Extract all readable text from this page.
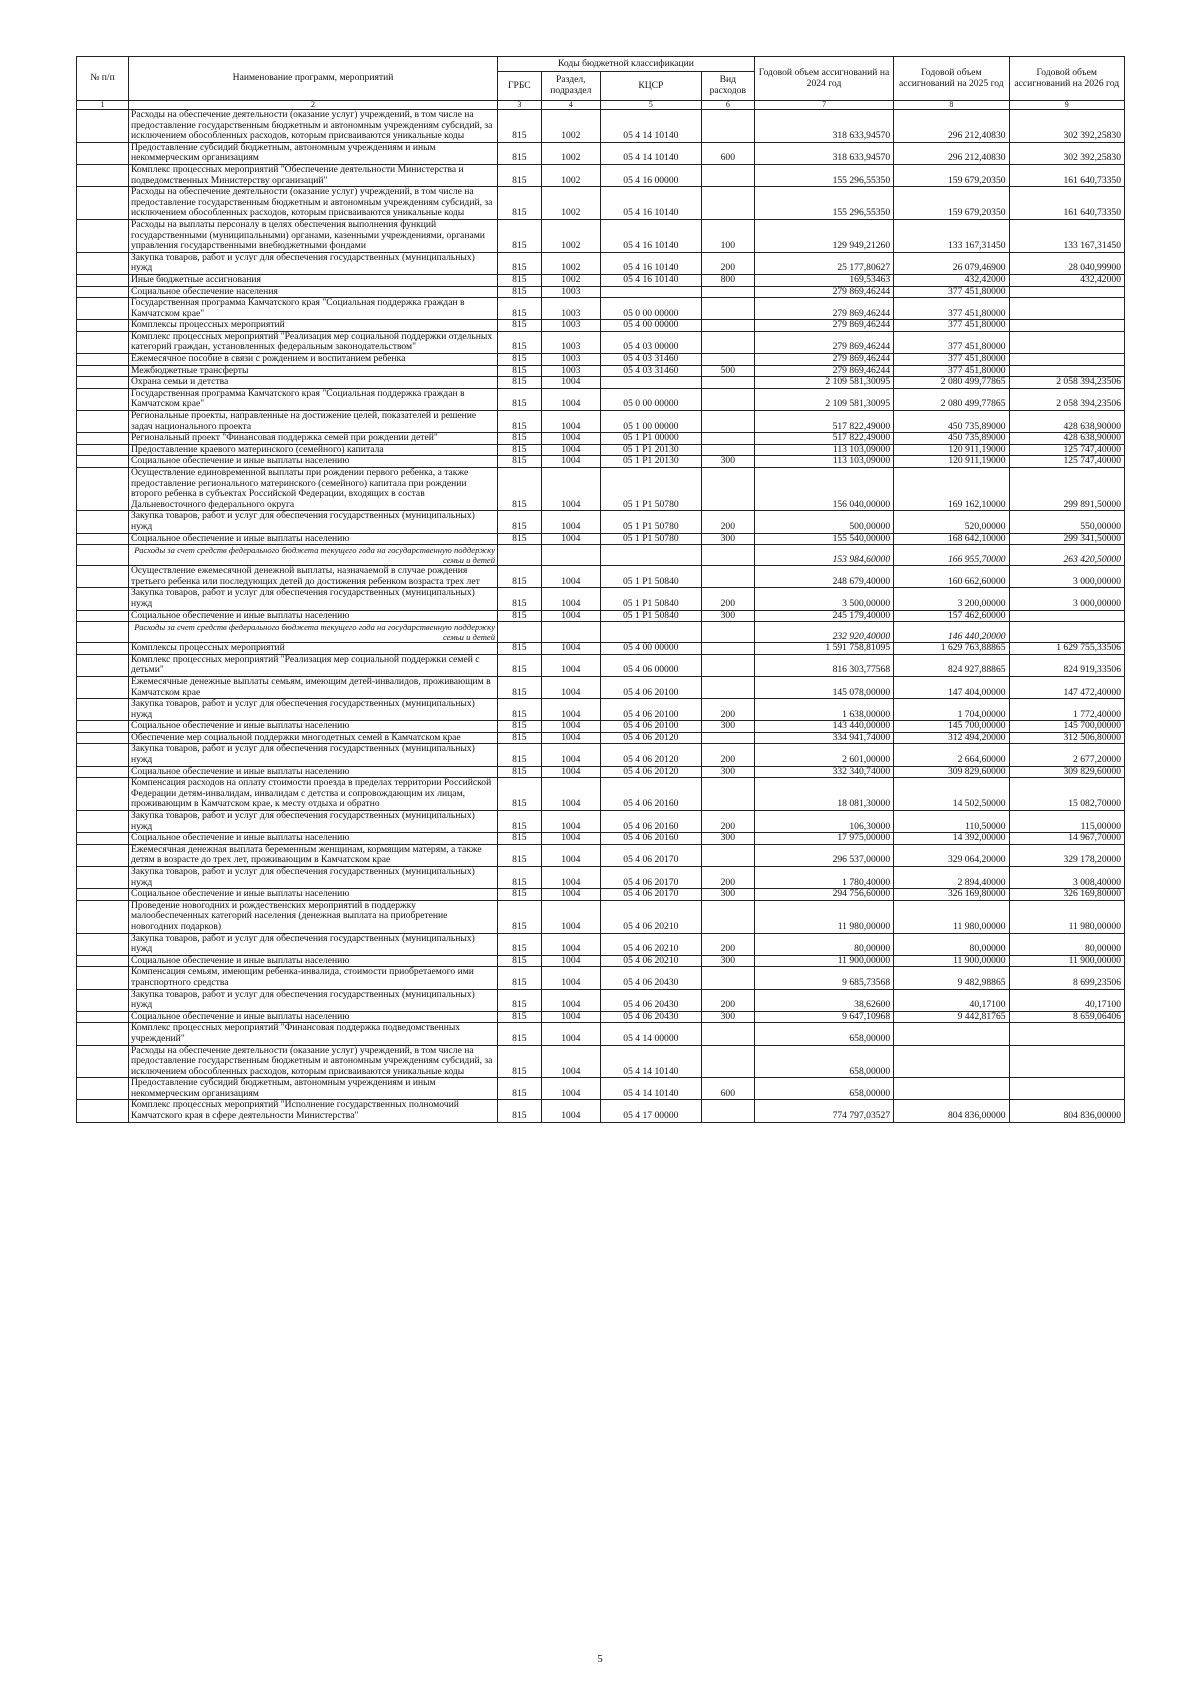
№ п/п	Наименование программ, мероприятий	Коды бюджетной классификации				Годовой объем ассигнований на 2024 год	Годовой объем ассигнований на 2025 год	Годовой объем ассигнований на 2026 год
		ГРБС	Раздел, подраздел	КЦСР	Вид расходов			
1	2	3	4	5	6	7	8	9
	Расходы на обеспечение деятельности (оказание услуг) учреждений, в том числе на предоставление государственным бюджетным и автономным учреждениям субсидий, за исключением обособленных расходов, которым присваиваются уникальные коды	815	1002	05 4 14 10140		318 633,94570	296 212,40830	302 392,25830
	Предоставление субсидий бюджетным, автономным учреждениям и иным некоммерческим организациям	815	1002	05 4 14 10140	600	318 633,94570	296 212,40830	302 392,25830
	Комплекс процессных мероприятий "Обеспечение деятельности Министерства и подведомственных Министерству организаций"	815	1002	05 4 16 00000		155 296,55350	159 679,20350	161 640,73350
	Расходы на обеспечение деятельности (оказание услуг) учреждений, в том числе на предоставление государственным бюджетным и автономным учреждениям субсидий, за исключением обособленных расходов, которым присваиваются уникальные коды	815	1002	05 4 16 10140		155 296,55350	159 679,20350	161 640,73350
	Расходы на выплаты персоналу в целях обеспечения выполнения функций государственными (муниципальными) органами, казенными учреждениями, органами управления государственными внебюджетными фондами	815	1002	05 4 16 10140	100	129 949,21260	133 167,31450	133 167,31450
	Закупка товаров, работ и услуг для обеспечения государственных (муниципальных) нужд	815	1002	05 4 16 10140	200	25 177,80627	26 079,46900	28 040,99900
	Иные бюджетные ассигнования	815	1002	05 4 16 10140	800	169,53463	432,42000	432,42000
	Социальное обеспечение населения	815	1003			279 869,46244	377 451,80000	
	Государственная программа Камчатского края "Социальная поддержка граждан в Камчатском крае"	815	1003	05 0 00 00000		279 869,46244	377 451,80000	
	Комплексы процессных мероприятий	815	1003	05 4 00 00000		279 869,46244	377 451,80000	
	Комплекс процессных мероприятий "Реализация мер социальной поддержки отдельных категорий граждан, установленных федеральным законодательством"	815	1003	05 4 03 00000		279 869,46244	377 451,80000	
	Ежемесячное пособие в связи с рождением и воспитанием ребенка	815	1003	05 4 03 31460		279 869,46244	377 451,80000	
	Межбюджетные трансферты	815	1003	05 4 03 31460	500	279 869,46244	377 451,80000	
	Охрана семьи и детства	815	1004			2 109 581,30095	2 080 499,77865	2 058 394,23506
	Государственная программа Камчатского края "Социальная поддержка граждан в Камчатском крае"	815	1004	05 0 00 00000		2 109 581,30095	2 080 499,77865	2 058 394,23506
	Региональные проекты, направленные на достижение целей, показателей и решение задач национального проекта	815	1004	05 1 00 00000		517 822,49000	450 735,89000	428 638,90000
	Региональный проект "Финансовая поддержка семей при рождении детей"	815	1004	05 1 P1 00000		517 822,49000	450 735,89000	428 638,90000
	Предоставление краевого материнского (семейного) капитала	815	1004	05 1 P1 20130		113 103,09000	120 911,19000	125 747,40000
	Социальное обеспечение и иные выплаты населению	815	1004	05 1 P1 20130	300	113 103,09000	120 911,19000	125 747,40000
	Осуществление единовременной выплаты при рождении первого ребенка, а также предоставление регионального материнского (семейного) капитала при рождении второго ребенка в субъектах Российской Федерации, входящих в состав Дальневосточного федерального округа	815	1004	05 1 P1 50780		156 040,00000	169 162,10000	299 891,50000
	Закупка товаров, работ и услуг для обеспечения государственных (муниципальных) нужд	815	1004	05 1 P1 50780	200	500,00000	520,00000	550,00000
	Социальное обеспечение и иные выплаты населению	815	1004	05 1 P1 50780	300	155 540,00000	168 642,10000	299 341,50000
	Расходы за счет средств федерального бюджета текущего года на государственную поддержку семьи и детей					153 984,60000	166 955,70000	263 420,50000
	Осуществление ежемесячной денежной выплаты, назначаемой в случае рождения третьего ребенка или последующих детей до достижения ребенком возраста трех лет	815	1004	05 1 P1 50840		248 679,40000	160 662,60000	3 000,00000
	Закупка товаров, работ и услуг для обеспечения государственных (муниципальных) нужд	815	1004	05 1 P1 50840	200	3 500,00000	3 200,00000	3 000,00000
	Социальное обеспечение и иные выплаты населению	815	1004	05 1 P1 50840	300	245 179,40000	157 462,60000	
	Расходы за счет средств федерального бюджета текущего года на государственную поддержку семьи и детей					232 920,40000	146 440,20000	
	Комплексы процессных мероприятий	815	1004	05 4 00 00000		1 591 758,81095	1 629 763,88865	1 629 755,33506
	Комплекс процессных мероприятий "Реализация мер социальной поддержки семей с детьми"	815	1004	05 4 06 00000		816 303,77568	824 927,88865	824 919,33506
	Ежемесячные денежные выплаты семьям, имеющим детей-инвалидов, проживающим в Камчатском крае	815	1004	05 4 06 20100		145 078,00000	147 404,00000	147 472,40000
	Закупка товаров, работ и услуг для обеспечения государственных (муниципальных) нужд	815	1004	05 4 06 20100	200	1 638,00000	1 704,00000	1 772,40000
	Социальное обеспечение и иные выплаты населению	815	1004	05 4 06 20100	300	143 440,00000	145 700,00000	145 700,00000
	Обеспечение мер социальной поддержки многодетных семей в Камчатском крае	815	1004	05 4 06 20120		334 941,74000	312 494,20000	312 506,80000
	Закупка товаров, работ и услуг для обеспечения государственных (муниципальных) нужд	815	1004	05 4 06 20120	200	2 601,00000	2 664,60000	2 677,20000
	Социальное обеспечение и иные выплаты населению	815	1004	05 4 06 20120	300	332 340,74000	309 829,60000	309 829,60000
	Компенсация расходов на оплату стоимости проезда в пределах территории Российской Федерации детям-инвалидам, инвалидам с детства и сопровождающим их лицам, проживающим в Камчатском крае, к месту отдыха и обратно	815	1004	05 4 06 20160		18 081,30000	14 502,50000	15 082,70000
	Закупка товаров, работ и услуг для обеспечения государственных (муниципальных) нужд	815	1004	05 4 06 20160	200	106,30000	110,50000	115,00000
	Социальное обеспечение и иные выплаты населению	815	1004	05 4 06 20160	300	17 975,00000	14 392,00000	14 967,70000
	Ежемесячная денежная выплата беременным женщинам, кормящим матерям, а также детям в возрасте до трех лет, проживающим в Камчатском крае	815	1004	05 4 06 20170		296 537,00000	329 064,20000	329 178,20000
	Закупка товаров, работ и услуг для обеспечения государственных (муниципальных) нужд	815	1004	05 4 06 20170	200	1 780,40000	2 894,40000	3 008,40000
	Социальное обеспечение и иные выплаты населению	815	1004	05 4 06 20170	300	294 756,60000	326 169,80000	326 169,80000
	Проведение новогодних и рождественских мероприятий в поддержку малообеспеченных категорий населения (денежная выплата на приобретение новогодних подарков)	815	1004	05 4 06 20210		11 980,00000	11 980,00000	11 980,00000
	Закупка товаров, работ и услуг для обеспечения государственных (муниципальных) нужд	815	1004	05 4 06 20210	200	80,00000	80,00000	80,00000
	Социальное обеспечение и иные выплаты населению	815	1004	05 4 06 20210	300	11 900,00000	11 900,00000	11 900,00000
	Компенсация семьям, имеющим ребенка-инвалида, стоимости приобретаемого ими транспортного средства	815	1004	05 4 06 20430		9 685,73568	9 482,98865	8 699,23506
	Закупка товаров, работ и услуг для обеспечения государственных (муниципальных) нужд	815	1004	05 4 06 20430	200	38,62600	40,17100	40,17100
	Социальное обеспечение и иные выплаты населению	815	1004	05 4 06 20430	300	9 647,10968	9 442,81765	8 659,06406
	Комплекс процессных мероприятий "Финансовая поддержка подведомственных учреждений"	815	1004	05 4 14 00000		658,00000		
	Расходы на обеспечение деятельности (оказание услуг) учреждений, в том числе на предоставление государственным бюджетным и автономным учреждениям субсидий, за исключением обособленных расходов, которым присваиваются уникальные коды	815	1004	05 4 14 10140		658,00000		
	Предоставление субсидий бюджетным, автономным учреждениям и иным некоммерческим организациям	815	1004	05 4 14 10140	600	658,00000		
	Комплекс процессных мероприятий "Исполнение государственных полномочий Камчатского края в сфере деятельности Министерства"	815	1004	05 4 17 00000		774 797,03527	804 836,00000	804 836,00000
5
